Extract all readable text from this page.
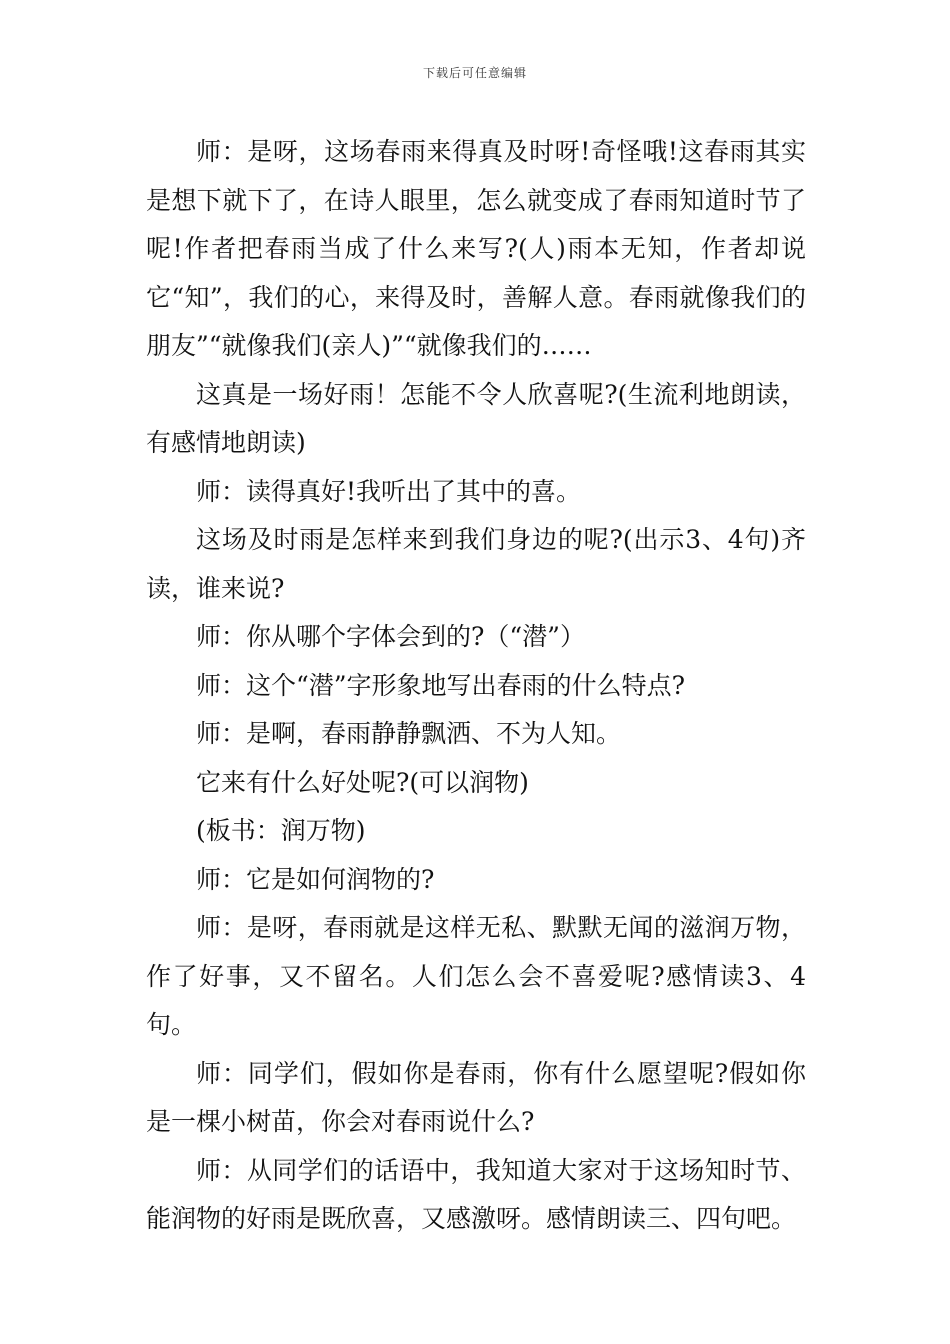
下载后可任意编辑

师：是呀，这场春雨来得真及时呀!奇怪哦!这春雨其实是想下就下了，在诗人眼里，怎么就变成了春雨知道时节了呢!作者把春雨当成了什么来写?(人)雨本无知，作者却说它“知”，我们的心，来得及时，善解人意。春雨就像我们的朋友”“就像我们(亲人)”“就像我们的……

这真是一场好雨！怎能不令人欣喜呢?(生流利地朗读，有感情地朗读)

师：读得真好!我听出了其中的喜。

这场及时雨是怎样来到我们身边的呢?(出示3、4句)齐读，谁来说?

师：你从哪个字体会到的?（“潜”）

师：这个“潜”字形象地写出春雨的什么特点?

师：是啊，春雨静静飘洒、不为人知。

它来有什么好处呢?(可以润物)

(板书：润万物)

师：它是如何润物的?

师：是呀，春雨就是这样无私、默默无闻的滋润万物，作了好事，又不留名。人们怎么会不喜爱呢?感情读3、4句。

师：同学们，假如你是春雨，你有什么愿望呢?假如你是一棵小树苗，你会对春雨说什么?

师：从同学们的话语中，我知道大家对于这场知时节、能润物的好雨是既欣喜，又感激呀。感情朗读三、四句吧。
